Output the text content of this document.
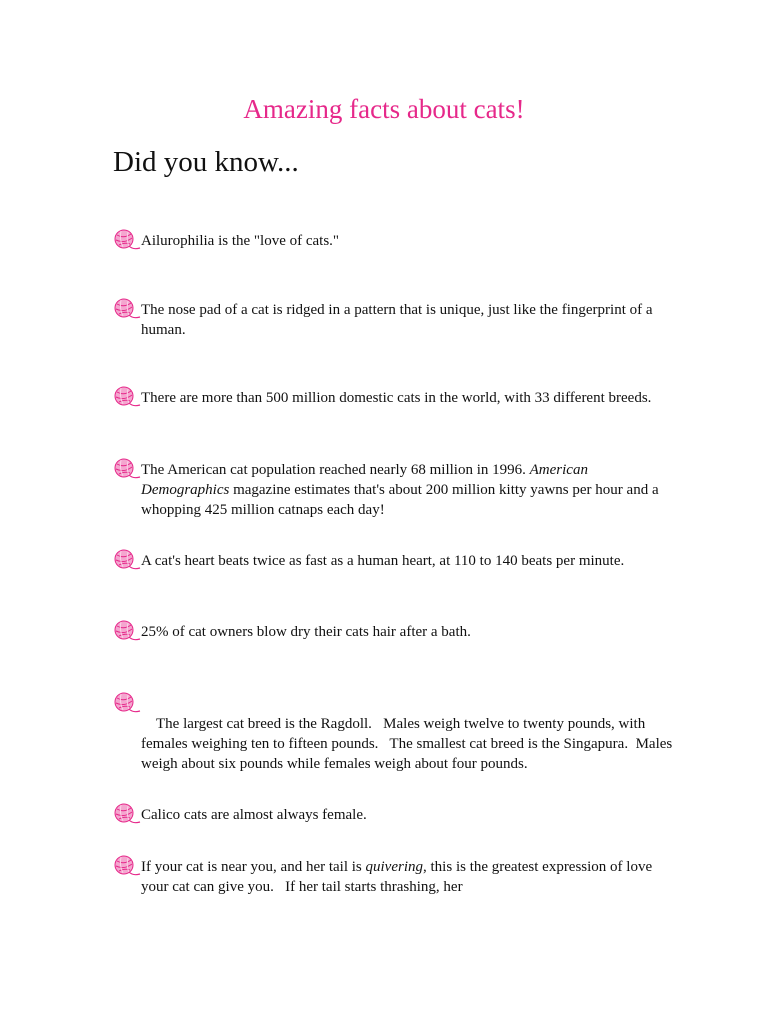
Amazing facts about cats!
Did you know...
Ailurophilia is the "love of cats."
The nose pad of a cat is ridged in a pattern that is unique, just like the fingerprint of a human.
There are more than 500 million domestic cats in the world, with 33 different breeds.
The American cat population reached nearly 68 million in 1996. American Demographics magazine estimates that's about 200 million kitty yawns per hour and a whopping 425 million catnaps each day!
A cat's heart beats twice as fast as a human heart, at 110 to 140 beats per minute.
25% of cat owners blow dry their cats hair after a bath.

The largest cat breed is the Ragdoll.   Males weigh twelve to twenty pounds, with females weighing ten to fifteen pounds.   The smallest cat breed is the Singapura.  Males weigh about six pounds while females weigh about four pounds.

Calico cats are almost always female.
If your cat is near you, and her tail is quivering, this is the greatest expression of love your cat can give you.   If her tail starts thrashing, her
